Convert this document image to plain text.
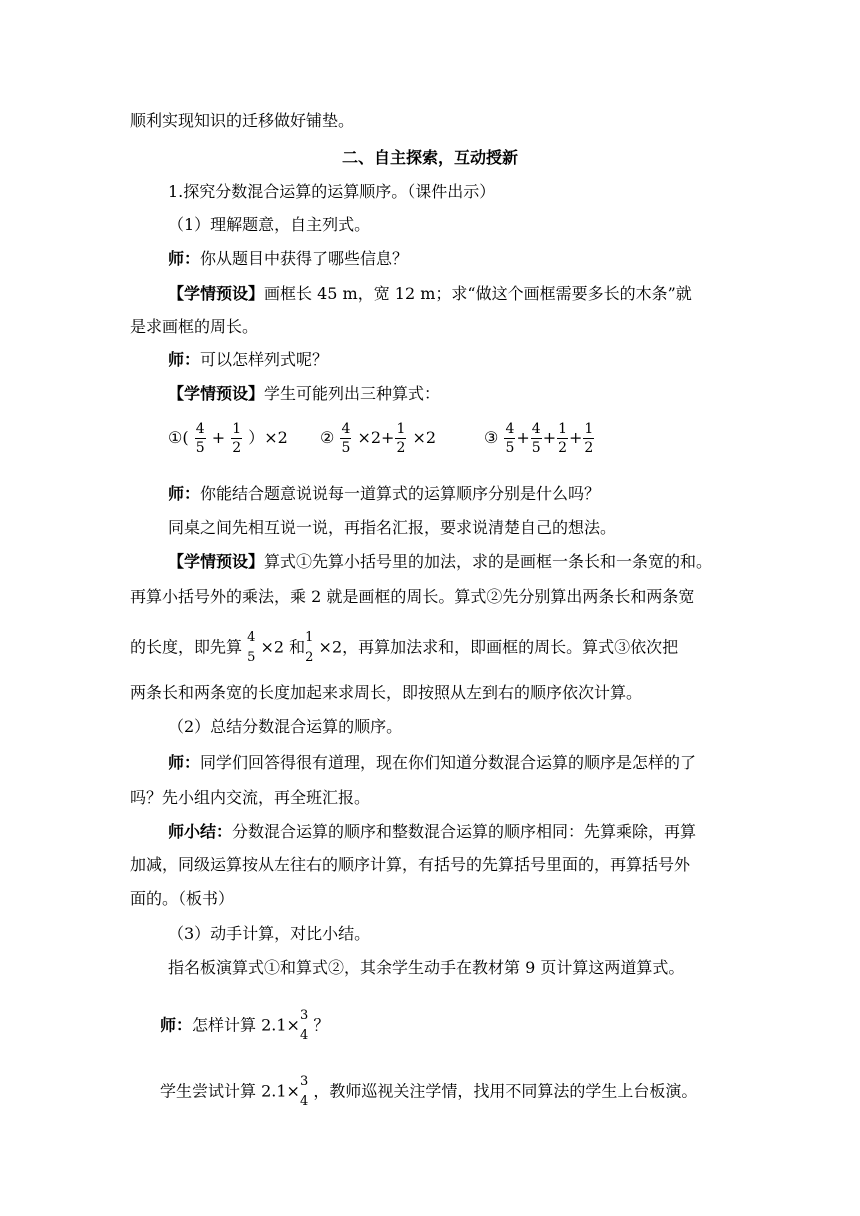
顺利实现知识的迁移做好铺垫。
二、自主探索，互动授新
1.探究分数混合运算的运算顺序。（课件出示）
（1）理解题意，自主列式。
师：你从题目中获得了哪些信息？
【学情预设】画框长 45 m，宽 12 m；求“做这个画框需要多长的木条”就
是求画框的周长。
师：可以怎样列式呢？
【学情预设】学生可能列出三种算式：
①( $\frac{4}{5} + \frac{1}{2} )\times 2$ ② $\frac{4}{5} \times 2+ \frac{1}{2} \times 2$	③ $\frac{4}{5} + \frac{4}{5} + \frac{1}{2} + \frac{1}{2}$
师：你能结合题意说说每一道算式的运算顺序分别是什么吗？
同桌之间先相互说一说，再指名汇报，要求说清楚自己的想法。
【学情预设】算式①先算小括号里的加法，求的是画框一条长和一条宽的和。
再算小括号外的乘法，乘 2 就是画框的周长。算式②先分别算出两条长和两条宽
的长度，即先算 4
5
×2 和 1
2
×2，再算加法求和，即画框的周长。算式③依次把
两条长和两条宽的长度加起来求周长，即按照从左到右的顺序依次计算。
（2）总结分数混合运算的顺序。
师：同学们回答得很有道理，现在你们知道分数混合运算的顺序是怎样的了
吗？先小组内交流，再全班汇报。
师小结：分数混合运算的顺序和整数混合运算的顺序相同：先算乘除，再算
加减，同级运算按从左往右的顺序计算，有括号的先算括号里面的，再算括号外
面的。（板书）
（3）动手计算，对比小结。
指名板演算式①和算式②，其余学生动手在教材第 9 页计算这两道算式。
师：怎样计算 2.1× 3
4
？
学生尝试计算 2.1× 3
4
，教师巡视关注学情，找用不同算法的学生上台板演。
